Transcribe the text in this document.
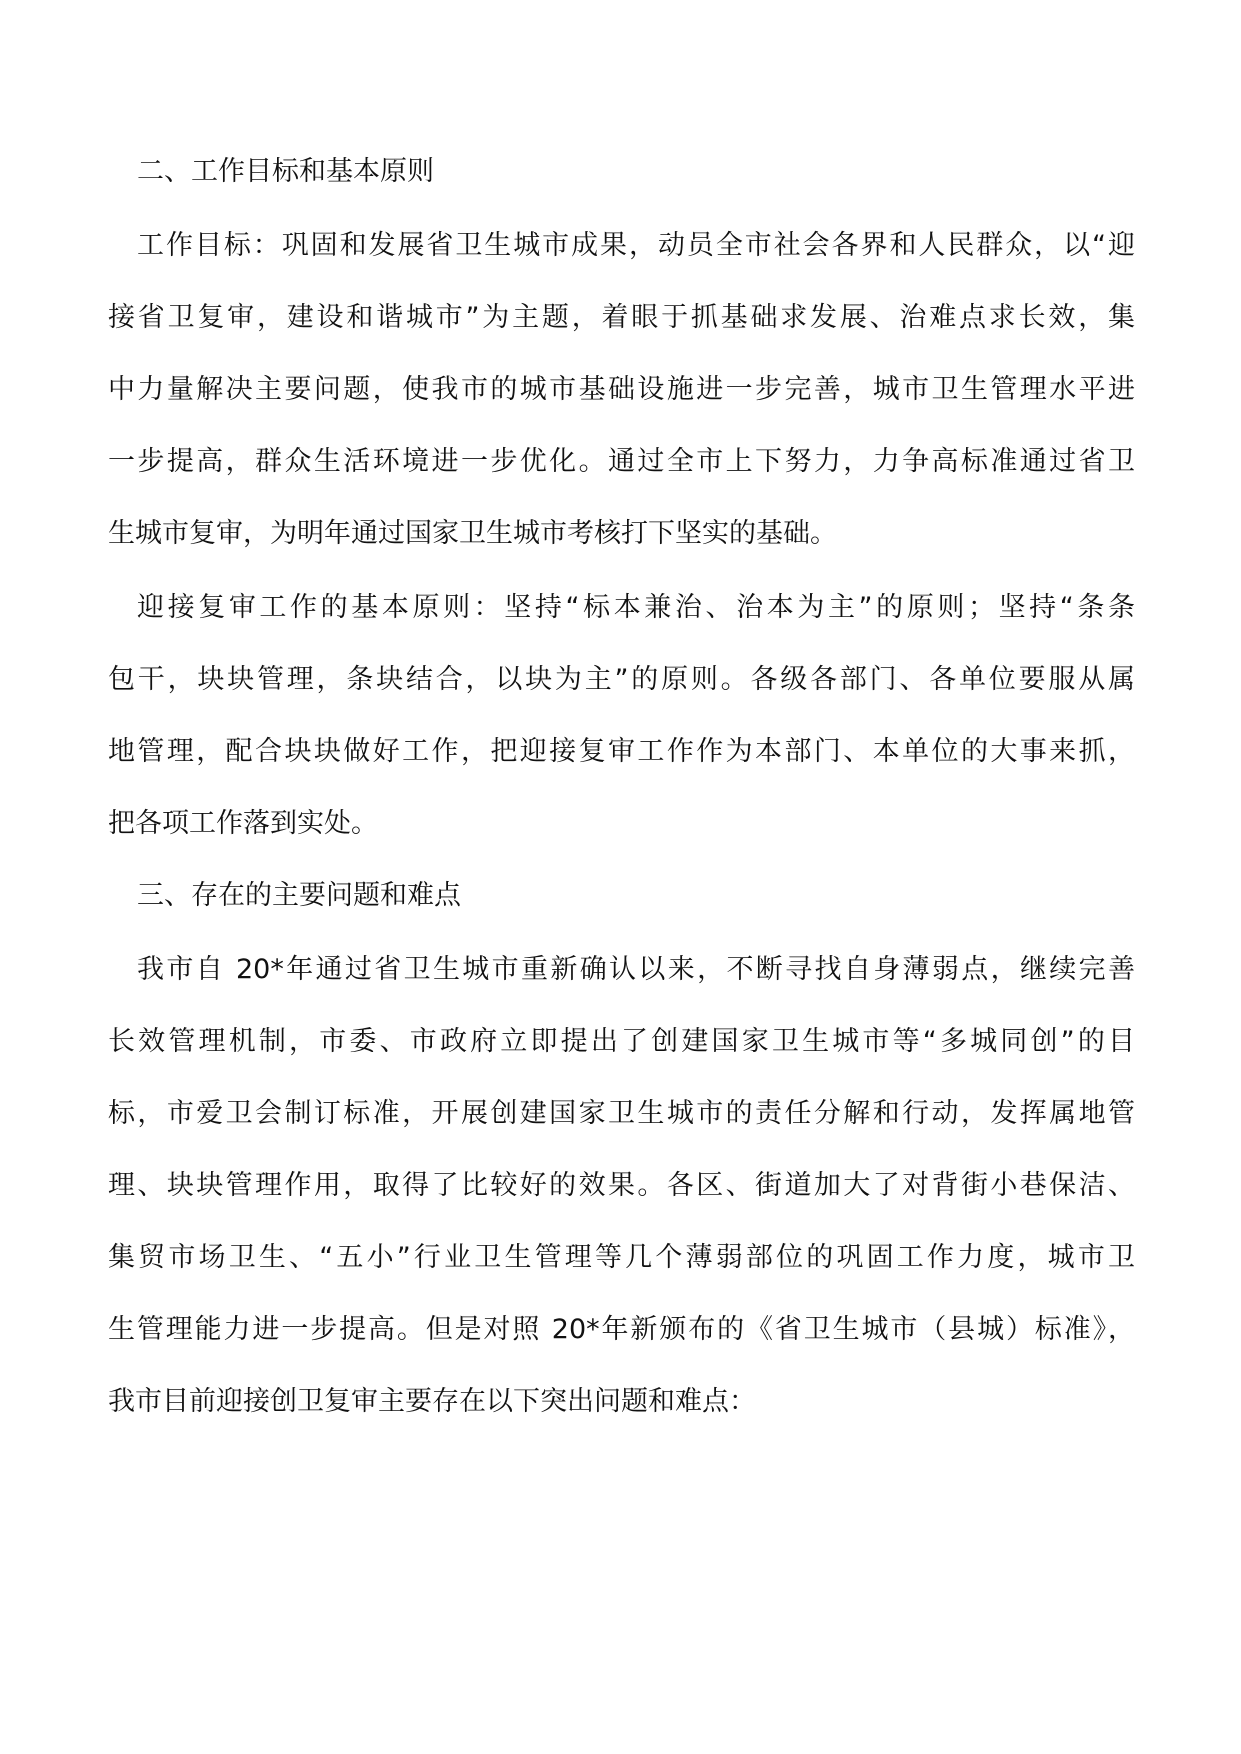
二、工作目标和基本原则
工作目标：巩固和发展省卫生城市成果，动员全市社会各界和人民群众，以“迎
接省卫复审，建设和谐城市”为主题，着眼于抓基础求发展、治难点求长效，集
中力量解决主要问题，使我市的城市基础设施进一步完善，城市卫生管理水平进
一步提高，群众生活环境进一步优化。通过全市上下努力，力争高标准通过省卫
生城市复审，为明年通过国家卫生城市考核打下坚实的基础。
迎接复审工作的基本原则：坚持“标本兼治、治本为主”的原则；坚持“条条
包干，块块管理，条块结合，以块为主”的原则。各级各部门、各单位要服从属
地管理，配合块块做好工作，把迎接复审工作作为本部门、本单位的大事来抓，
把各项工作落到实处。
三、存在的主要问题和难点
我市自 20*年通过省卫生城市重新确认以来，不断寻找自身薄弱点，继续完善
长效管理机制，市委、市政府立即提出了创建国家卫生城市等“多城同创”的目
标，市爱卫会制订标准，开展创建国家卫生城市的责任分解和行动，发挥属地管
理、块块管理作用，取得了比较好的效果。各区、街道加大了对背街小巷保洁、
集贸市场卫生、“五小”行业卫生管理等几个薄弱部位的巩固工作力度，城市卫
生管理能力进一步提高。但是对照 20*年新颁布的《省卫生城市（县城）标准》，
我市目前迎接创卫复审主要存在以下突出问题和难点：
